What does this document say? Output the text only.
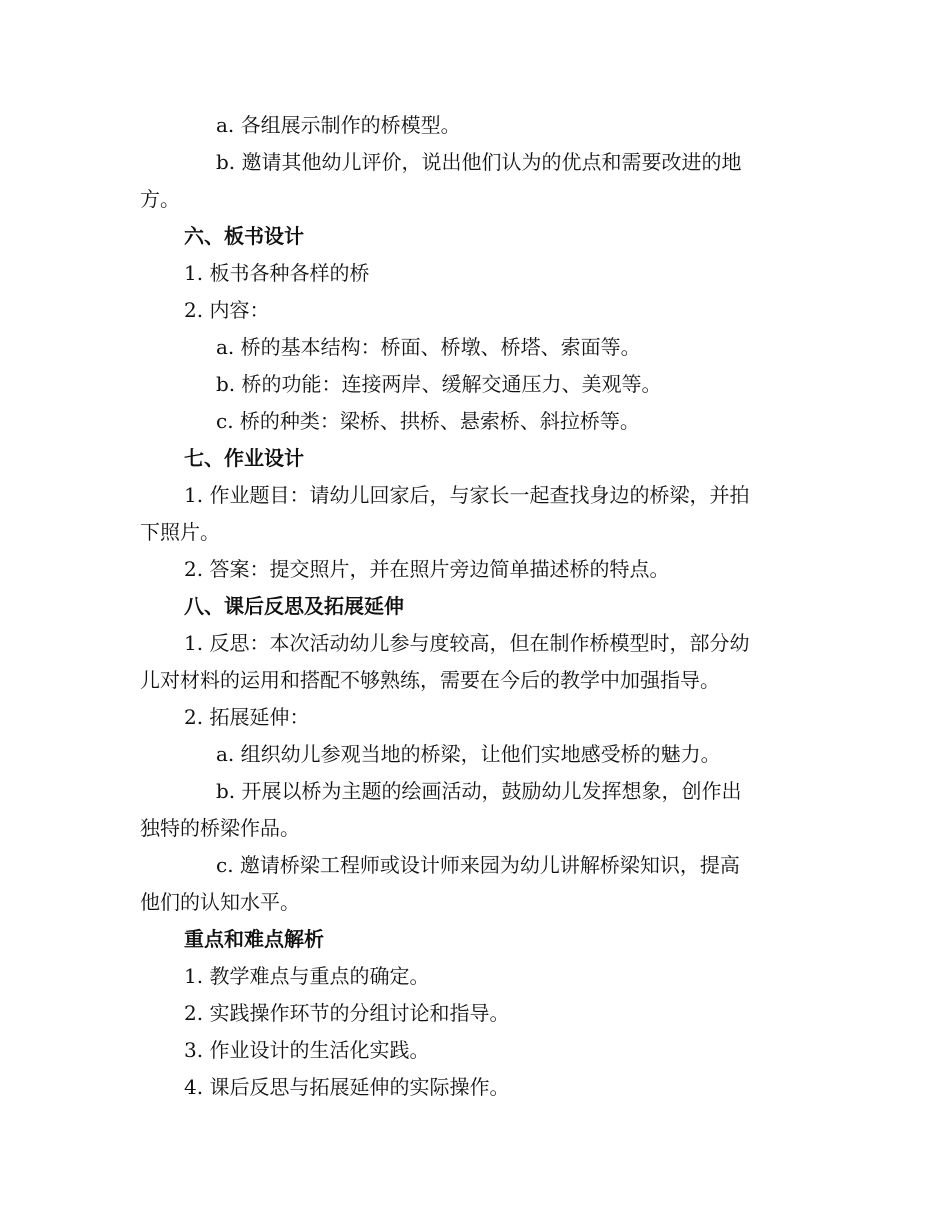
a. 各组展示制作的桥模型。
b. 邀请其他幼儿评价，说出他们认为的优点和需要改进的地
方。
六、板书设计
1. 板书各种各样的桥
2. 内容：
a. 桥的基本结构：桥面、桥墩、桥塔、索面等。
b. 桥的功能：连接两岸、缓解交通压力、美观等。
c. 桥的种类：梁桥、拱桥、悬索桥、斜拉桥等。
七、作业设计
1. 作业题目：请幼儿回家后，与家长一起查找身边的桥梁，并拍
下照片。
2. 答案：提交照片，并在照片旁边简单描述桥的特点。
八、课后反思及拓展延伸
1. 反思：本次活动幼儿参与度较高，但在制作桥模型时，部分幼
儿对材料的运用和搭配不够熟练，需要在今后的教学中加强指导。
2. 拓展延伸：
a. 组织幼儿参观当地的桥梁，让他们实地感受桥的魅力。
b. 开展以桥为主题的绘画活动，鼓励幼儿发挥想象，创作出
独特的桥梁作品。
c. 邀请桥梁工程师或设计师来园为幼儿讲解桥梁知识，提高
他们的认知水平。
重点和难点解析
1. 教学难点与重点的确定。
2. 实践操作环节的分组讨论和指导。
3. 作业设计的生活化实践。
4. 课后反思与拓展延伸的实际操作。
